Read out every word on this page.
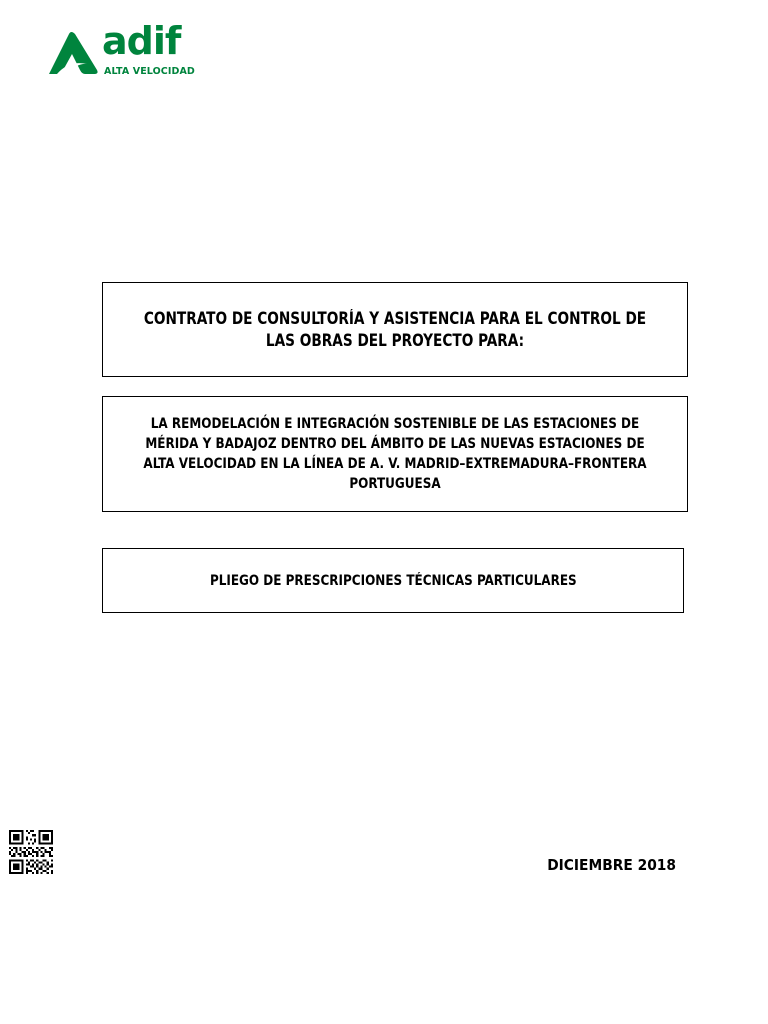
adif
ALTA VELOCIDAD
CONTRATO DE CONSULTORÍA Y ASISTENCIA PARA EL CONTROL DE LAS OBRAS DEL PROYECTO PARA:
LA REMODELACIÓN E INTEGRACIÓN SOSTENIBLE DE LAS ESTACIONES DE MÉRIDA Y BADAJOZ DENTRO DEL ÁMBITO DE LAS NUEVAS ESTACIONES DE ALTA VELOCIDAD EN LA LÍNEA DE A. V. MADRID–EXTREMADURA–FRONTERA PORTUGUESA
PLIEGO DE PRESCRIPCIONES TÉCNICAS PARTICULARES
DICIEMBRE 2018
